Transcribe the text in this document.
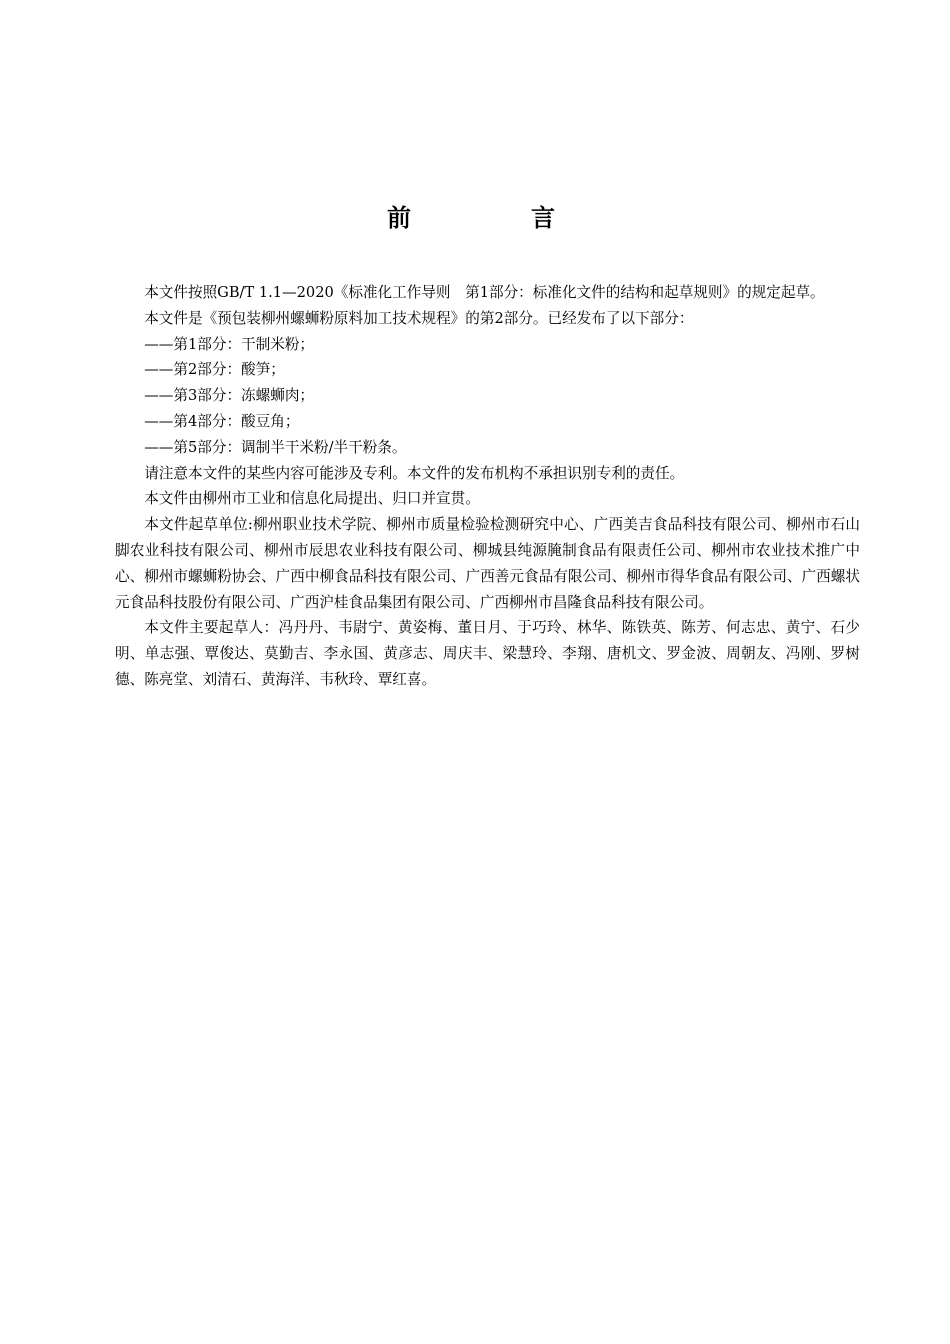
前　言

本文件按照GB/T 1.1—2020《标准化工作导则　第1部分：标准化文件的结构和起草规则》的规定起草。

本文件是《预包装柳州螺蛳粉原料加工技术规程》的第2部分。已经发布了以下部分：

——第1部分：干制米粉；

——第2部分：酸笋；

——第3部分：冻螺蛳肉；

——第4部分：酸豆角；

——第5部分：调制半干米粉/半干粉条。

请注意本文件的某些内容可能涉及专利。本文件的发布机构不承担识别专利的责任。

本文件由柳州市工业和信息化局提出、归口并宣贯。

本文件起草单位:柳州职业技术学院、柳州市质量检验检测研究中心、广西美吉食品科技有限公司、柳州市石山脚农业科技有限公司、柳州市辰思农业科技有限公司、柳城县纯源腌制食品有限责任公司、柳州市农业技术推广中心、柳州市螺蛳粉协会、广西中柳食品科技有限公司、广西善元食品有限公司、柳州市得华食品有限公司、广西螺状元食品科技股份有限公司、广西沪桂食品集团有限公司、广西柳州市昌隆食品科技有限公司。

本文件主要起草人：冯丹丹、韦尉宁、黄姿梅、董日月、于巧玲、林华、陈铁英、陈芳、何志忠、黄宁、石少明、单志强、覃俊达、莫勤吉、李永国、黄彦志、周庆丰、梁慧玲、李翔、唐机文、罗金波、周朝友、冯刚、罗树德、陈亮堂、刘清石、黄海洋、韦秋玲、覃红喜。
